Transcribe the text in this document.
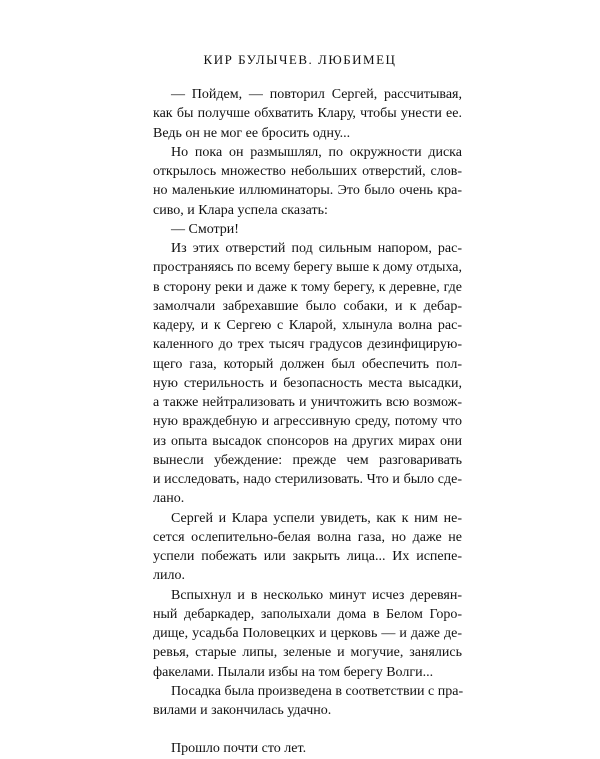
КИР БУЛЫЧЕВ. ЛЮБИМЕЦ

— Пойдем, — повторил Сергей, рассчитывая,
как бы получше обхватить Клару, чтобы унести ее.
Ведь он не мог ее бросить одну...

Но пока он размышлял, по окружности диска
открылось множество небольших отверстий, слов-
но маленькие иллюминаторы. Это было очень кра-
сиво, и Клара успела сказать:

— Смотри!

Из этих отверстий под сильным напором, рас-
пространяясь по всему берегу выше к дому отдыха,
в сторону реки и даже к тому берегу, к деревне, где
замолчали забрехавшие было собаки, и к дебар-
кадеру, и к Сергею с Кларой, хлынула волна рас-
каленного до трех тысяч градусов дезинфицирую-
щего газа, который должен был обеспечить пол-
ную стерильность и безопасность места высадки,
а также нейтрализовать и уничтожить всю возмож-
ную враждебную и агрессивную среду, потому что
из опыта высадок спонсоров на других мирах они
вынесли убеждение: прежде чем разговаривать
и исследовать, надо стерилизовать. Что и было сде-
лано.

Сергей и Клара успели увидеть, как к ним не-
сется ослепительно-белая волна газа, но даже не
успели побежать или закрыть лица... Их испепе-
лило.

Вспыхнул и в несколько минут исчез деревян-
ный дебаркадер, заполыхали дома в Белом Горо-
дище, усадьба Половецких и церковь — и даже де-
ревья, старые липы, зеленые и могучие, занялись
факелами. Пылали избы на том берегу Волги...

Посадка была произведена в соответствии с пра-
вилами и закончилась удачно.

Прошло почти сто лет.
